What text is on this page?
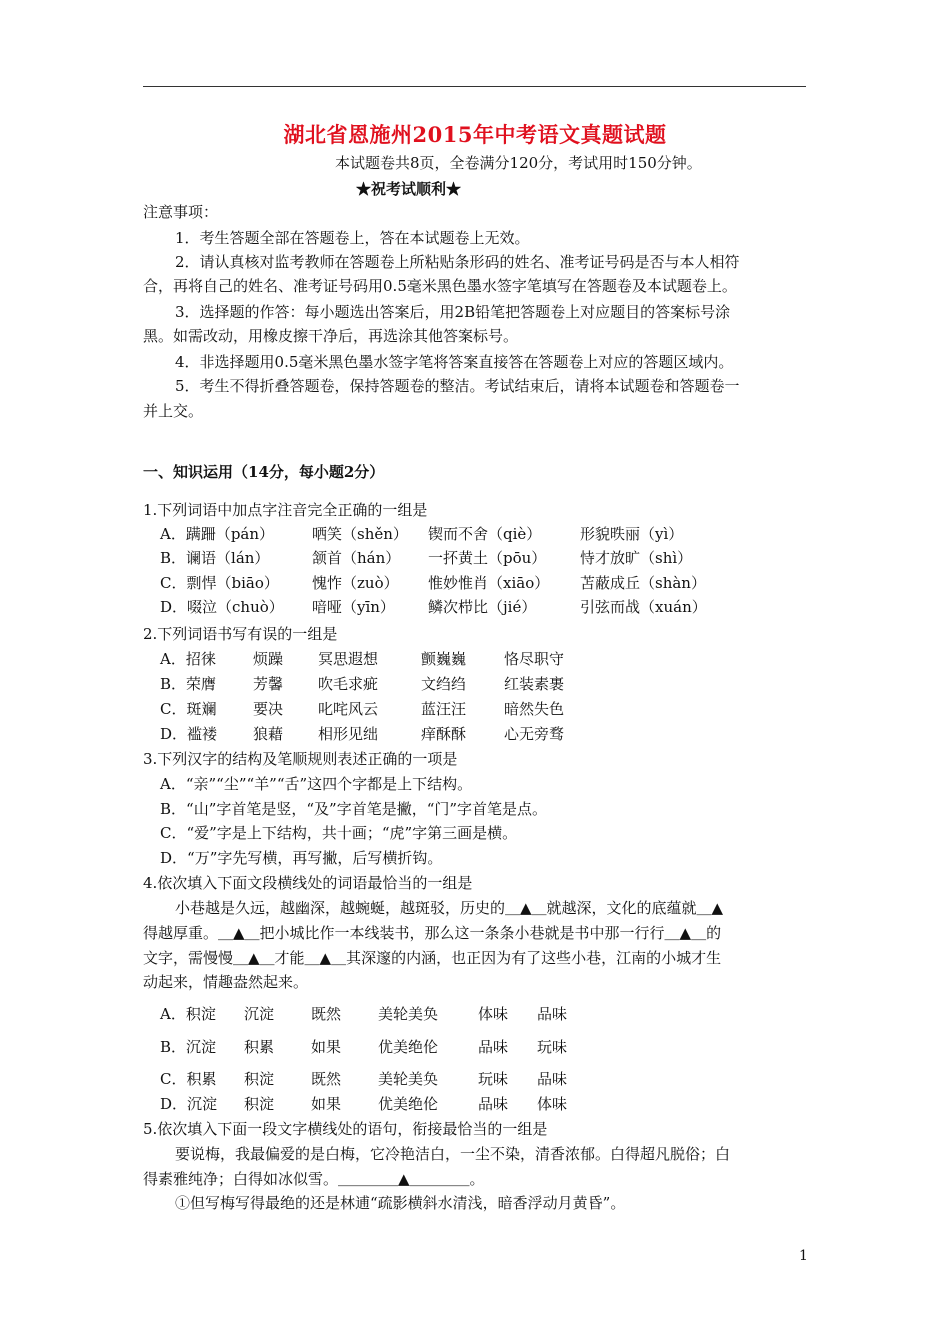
湖北省恩施州2015年中考语文真题试题
本试题卷共8页，全卷满分120分，考试用时150分钟。
★祝考试顺利★
注意事项：
1．考生答题全部在答题卷上，答在本试题卷上无效。
2．请认真核对监考教师在答题卷上所粘贴条形码的姓名、准考证号码是否与本人相符
合，再将自己的姓名、准考证号码用0.5毫米黑色墨水签字笔填写在答题卷及本试题卷上。
3．选择题的作答：每小题选出答案后，用2B铅笔把答题卷上对应题目的答案标号涂
黑。如需改动，用橡皮擦干净后，再选涂其他答案标号。
4．非选择题用0.5毫米黑色墨水签字笔将答案直接答在答题卷上对应的答题区域内。
5．考生不得折叠答题卷，保持答题卷的整洁。考试结束后，请将本试题卷和答题卷一
并上交。
一、知识运用（14分，每小题2分）
1.下列词语中加点字注音完全正确的一组是
A．蹒跚（pán）	哂笑（shěn） 锲而不舍（qiè）	形貌昳丽（yì）
B．谰语（lán）	颔首（hán） 一抔黄土（pōu） 恃才放旷（shì）
C．剽悍（biāo） 愧怍（zuò） 惟妙惟肖（xiāo） 苫蔽成丘（shàn）
D．啜泣（chuò） 喑哑（yīn） 鳞次栉比（jié）	引弦而战（xuán）
2.下列词语书写有误的一组是
A．招徕 烦躁 冥思遐想	颤巍巍	恪尽职守
B．荣膺 芳馨 吹毛求疵	文绉绉	红装素裹
C．斑斓 要决 叱咤风云	蓝汪汪	暗然失色
D．褴褛 狼藉 相形见绌	痒酥酥	心无旁骛
3.下列汉字的结构及笔顺规则表述正确的一项是
A．“亲”“尘”“羊”“舌”这四个字都是上下结构。
B．“山”字首笔是竖，“及”字首笔是撇，“门”字首笔是点。
C．“爱”字是上下结构，共十画；“虎”字第三画是横。
D．“万”字先写横，再写撇，后写横折钩。
4.依次填入下面文段横线处的词语最恰当的一组是
小巷越是久远，越幽深，越蜿蜒，越斑驳，历史的＿▲＿就越深，文化的底蕴就＿▲
得越厚重。＿▲＿把小城比作一本线装书，那么这一条条小巷就是书中那一行行＿▲＿的
文字，需慢慢＿▲＿才能＿▲＿其深邃的内涵，也正因为有了这些小巷，江南的小城才生
动起来，情趣盎然起来。
A．积淀 沉淀 既然 美轮美奂	体味 品味
B．沉淀 积累 如果 优美绝伦	品味 玩味
C．积累 积淀 既然 美轮美奂	玩味 品味
D．沉淀 积淀 如果 优美绝伦	品味 体味
5.依次填入下面一段文字横线处的语句，衔接最恰当的一组是
要说梅，我最偏爱的是白梅，它冷艳洁白，一尘不染，清香浓郁。白得超凡脱俗；白
得素雅纯净；白得如冰似雪。＿＿＿＿▲＿＿＿＿。
①但写梅写得最绝的还是林逋“疏影横斜水清浅，暗香浮动月黄昏”。
1
